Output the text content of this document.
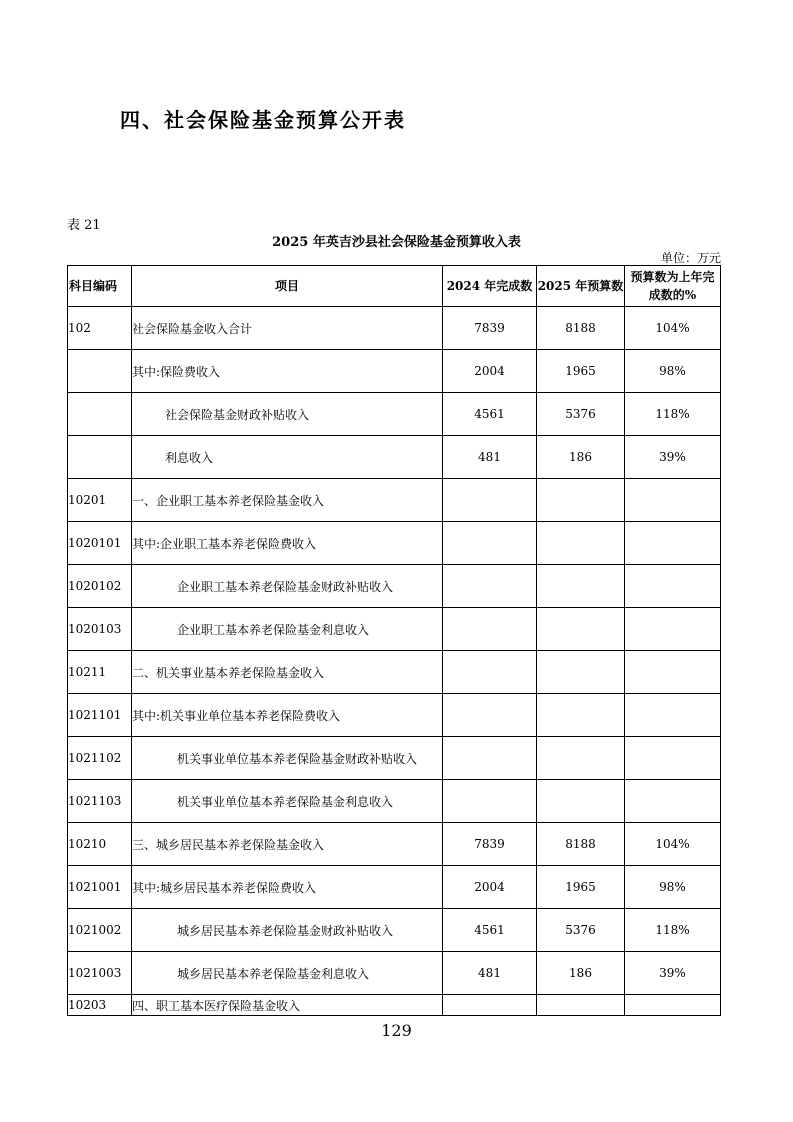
四、社会保险基金预算公开表
表 21
2025 年英吉沙县社会保险基金预算收入表
单位：万元
科目编码	项目	2024 年完成数	2025 年预算数	预算数为上年完成数的%
102	社会保险基金收入合计	7839	8188	104%
	其中:保险费收入	2004	1965	98%
	社会保险基金财政补贴收入	4561	5376	118%
	利息收入	481	186	39%
10201	一、企业职工基本养老保险基金收入			
1020101	其中:企业职工基本养老保险费收入			
1020102	企业职工基本养老保险基金财政补贴收入			
1020103	企业职工基本养老保险基金利息收入			
10211	二、机关事业基本养老保险基金收入			
1021101	其中:机关事业单位基本养老保险费收入			
1021102	机关事业单位基本养老保险基金财政补贴收入			
1021103	机关事业单位基本养老保险基金利息收入			
10210	三、城乡居民基本养老保险基金收入	7839	8188	104%
1021001	其中:城乡居民基本养老保险费收入	2004	1965	98%
1021002	城乡居民基本养老保险基金财政补贴收入	4561	5376	118%
1021003	城乡居民基本养老保险基金利息收入	481	186	39%
10203	四、职工基本医疗保险基金收入			
129
